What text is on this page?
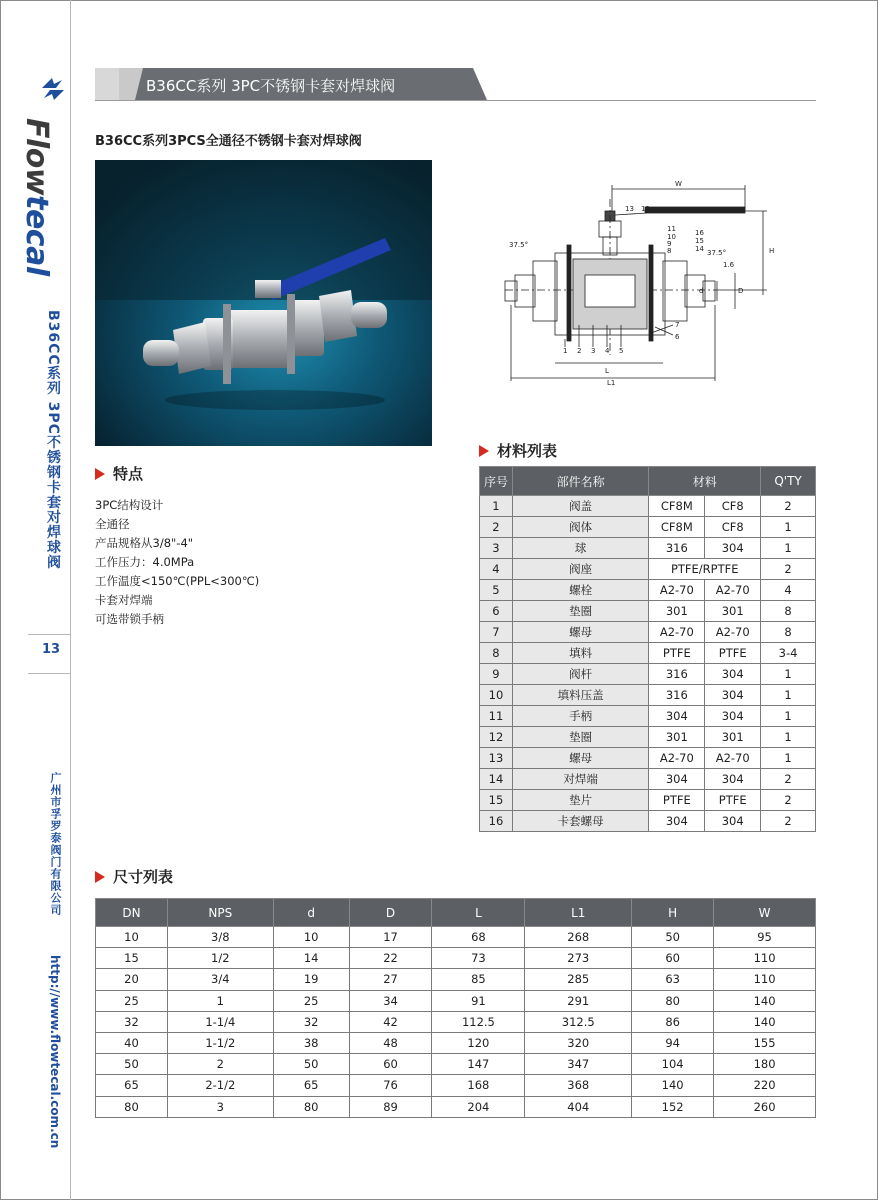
Flowtecal
B36CC系列 3PC不锈钢卡套对焊球阀
13
广州市孚罗泰阀门有限公司
http://www.flowtecal.com.cn
B36CC系列 3PC不锈钢卡套对焊球阀
B36CC系列3PCS全通径不锈钢卡套对焊球阀
W
H
L
L1
d	D
37.5°
37.5°
1.6
13 12
11
10
9
8
16
15
14
7
6
1 2 3 4 5
特点
3PC结构设计
全通径
产品规格从3/8"-4"
工作压力：4.0MPa
工作温度<150℃(PPL<300℃)
卡套对焊端
可选带锁手柄
材料列表
序号	部件名称	材料		Q'TY
1	阀盖	CF8M	CF8	2
2	阀体	CF8M	CF8	1
3	球	316	304	1
4	阀座	PTFE/RPTFE		2
5	螺栓	A2-70	A2-70	4
6	垫圈	301	301	8
7	螺母	A2-70	A2-70	8
8	填料	PTFE	PTFE	3-4
9	阀杆	316	304	1
10	填料压盖	316	304	1
11	手柄	304	304	1
12	垫圈	301	301	1
13	螺母	A2-70	A2-70	1
14	对焊端	304	304	2
15	垫片	PTFE	PTFE	2
16	卡套螺母	304	304	2
尺寸列表
DN	NPS	d	D	L	L1	H	W
10	3/8	10	17	68	268	50	95
15	1/2	14	22	73	273	60	110
20	3/4	19	27	85	285	63	110
25	1	25	34	91	291	80	140
32	1-1/4	32	42	112.5	312.5	86	140
40	1-1/2	38	48	120	320	94	155
50	2	50	60	147	347	104	180
65	2-1/2	65	76	168	368	140	220
80	3	80	89	204	404	152	260
